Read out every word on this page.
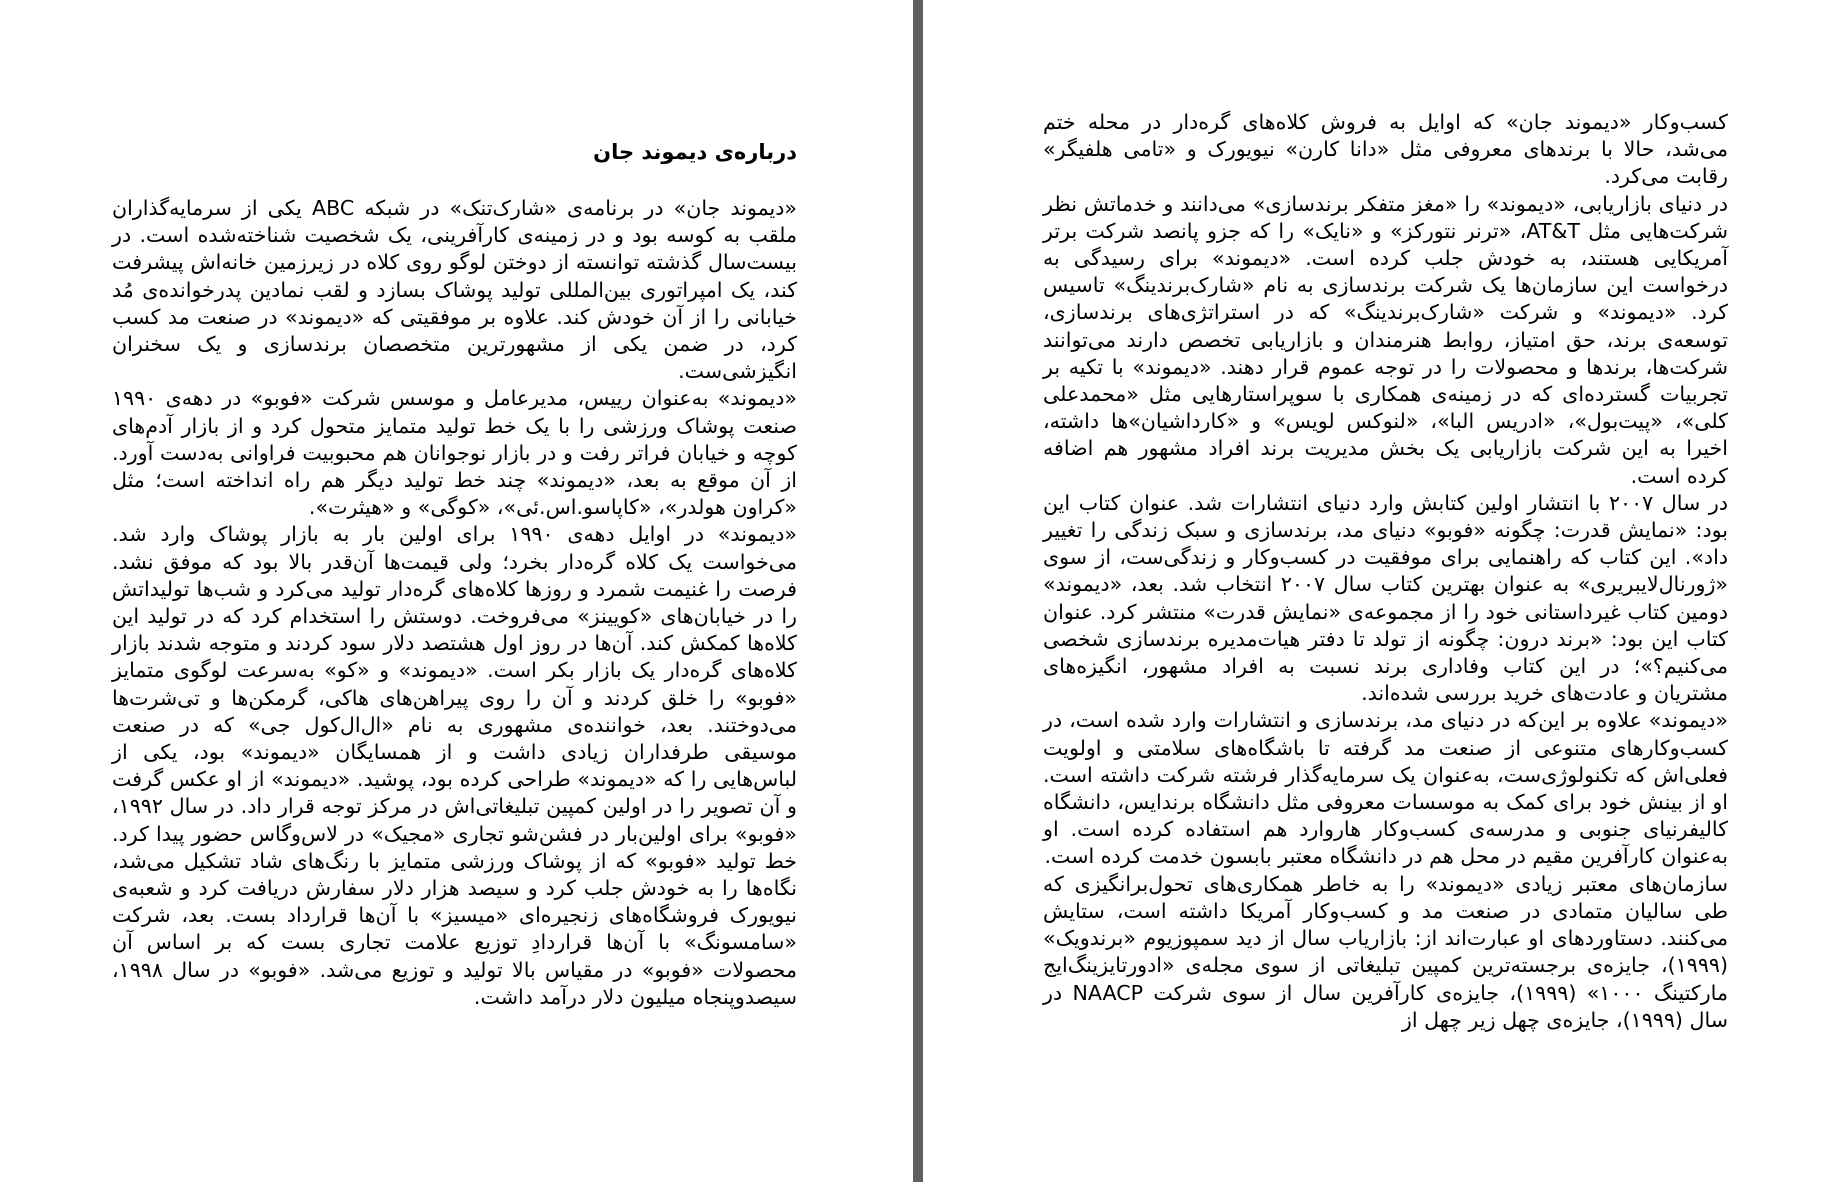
درباره‌ی دیموند جان

«دیموند جان» در برنامه‌ی «شارک‌تنک» در شبکه ABC یکی از سرمایه‌گذاران ملقب به کوسه بود و در زمینه‌ی کارآفرینی، یک شخصیت شناخته‌شده است. در بیست‌سال گذشته توانسته از دوختن لوگو روی کلاه در زیرزمین خانه‌اش پیشرفت کند، یک امپراتوری بین‌المللی تولید پوشاک بسازد و لقب نمادین پدرخوانده‌ی مُد خیابانی را از آن خودش کند. علاوه بر موفقیتی که «دیموند» در صنعت مد کسب کرد، در ضمن یکی از مشهورترین متخصصان برندسازی و یک سخنران انگیزشی‌ست.

«دیموند» به‌عنوان رییس، مدیرعامل و موسس شرکت «فوبو» در دهه‌ی ۱۹۹۰ صنعت پوشاک ورزشی را با یک خط تولید متمایز متحول کرد و از بازار آدم‌های کوچه و خیابان فراتر رفت و در بازار نوجوانان هم محبوبیت فراوانی به‌دست آورد. از آن موقع به بعد، «دیموند» چند خط تولید دیگر هم راه انداخته است؛ مثل «کراون هولدر»، «کاپاسو.اس.ئی»، «کوگی» و «هیثرت».

«دیموند» در اوایل دهه‌ی ۱۹۹۰ برای اولین بار به بازار پوشاک وارد شد. می‌خواست یک کلاه گره‌دار بخرد؛ ولی قیمت‌ها آن‌قدر بالا بود که موفق نشد. فرصت را غنیمت شمرد و روزها کلاه‌های گره‌دار تولید می‌کرد و شب‌ها تولیداتش را در خیابان‌های «کویینز» می‌فروخت. دوستش را استخدام کرد که در تولید این کلاه‌ها کمکش کند. آن‌ها در روز اول هشتصد دلار سود کردند و متوجه شدند بازار کلاه‌های گره‌دار یک بازار بکر است. «دیموند» و «کو» به‌سرعت لوگوی متمایز «فوبو» را خلق کردند و آن را روی پیراهن‌های هاکی، گرمکن‌ها و تی‌شرت‌ها می‌دوختند. بعد، خواننده‌ی مشهوری به نام «ال‌ال‌کول جی» که در صنعت موسیقی طرفداران زیادی داشت و از همسایگان «دیموند» بود، یکی از لباس‌هایی را که «دیموند» طراحی کرده بود، پوشید. «دیموند» از او عکس گرفت و آن تصویر را در اولین کمپین تبلیغاتی‌اش در مرکز توجه قرار داد. در سال ۱۹۹۲، «فوبو» برای اولین‌بار در فشن‌شو تجاری «مجیک» در لاس‌وگاس حضور پیدا کرد. خط تولید «فوبو» که از پوشاک ورزشی متمایز با رنگ‌های شاد تشکیل می‌شد، نگاه‌ها را به خودش جلب کرد و سیصد هزار دلار سفارش دریافت کرد و شعبه‌ی نیویورک فروشگاه‌های زنجیره‌ای «میسیز» با آن‌ها قرارداد بست. بعد، شرکت «سامسونگ» با آن‌ها قراردادِ توزیع علامت تجاری بست که بر اساس آن محصولات «فوبو» در مقیاس بالا تولید و توزیع می‌شد. «فوبو» در سال ۱۹۹۸، سیصدوپنجاه میلیون دلار درآمد داشت.

کسب‌وکار «دیموند جان» که اوایل به فروش کلاه‌های گره‌دار در محله ختم می‌شد، حالا با برندهای معروفی مثل «دانا کارن» نیویورک و «تامی هلفیگر» رقابت می‌کرد.

در دنیای بازاریابی، «دیموند» را «مغز متفکر برندسازی» می‌دانند و خدماتش نظر شرکت‌هایی مثل AT&T، «ترنر نتورکز» و «نایک» را که جزو پانصد شرکت برتر آمریکایی هستند، به خودش جلب کرده است. «دیموند» برای رسیدگی به درخواست این سازمان‌ها یک شرکت برندسازی به نام «شارک‌برندینگ» تاسیس کرد. «دیموند» و شرکت «شارک‌برندینگ» که در استراتژی‌های برندسازی، توسعه‌ی برند، حق امتیاز، روابط هنرمندان و بازاریابی تخصص دارند می‌توانند شرکت‌ها، برندها و محصولات را در توجه عموم قرار دهند. «دیموند» با تکیه بر تجربیات گسترده‌ای که در زمینه‌ی همکاری با سوپراستارهایی مثل «محمدعلی کلی»، «پیت‌بول»، «ادریس البا»، «لنوکس لویس» و «کارداشیان»ها داشته، اخیرا به این شرکت بازاریابی یک بخش مدیریت برند افراد مشهور هم اضافه کرده است.

در سال ۲۰۰۷ با انتشار اولین کتابش وارد دنیای انتشارات شد. عنوان کتاب این بود: «نمایش قدرت: چگونه «فوبو» دنیای مد، برندسازی و سبک زندگی را تغییر داد». این کتاب که راهنمایی برای موفقیت در کسب‌وکار و زندگی‌ست، از سوی «ژورنال‌لایبریری» به عنوان بهترین کتاب سال ۲۰۰۷ انتخاب شد. بعد، «دیموند» دومین کتاب غیرداستانی خود را از مجموعه‌ی «نمایش قدرت» منتشر کرد. عنوان کتاب این بود: «برند درون: چگونه از تولد تا دفتر هیات‌مدیره برندسازی شخصی می‌کنیم؟»؛ در این کتاب وفاداری برند نسبت به افراد مشهور، انگیزه‌های مشتریان و عادت‌های خرید بررسی شده‌اند.

«دیموند» علاوه بر این‌که در دنیای مد، برندسازی و انتشارات وارد شده است، در کسب‌وکارهای متنوعی از صنعت مد گرفته تا باشگاه‌های سلامتی و اولویت فعلی‌اش که تکنولوژی‌ست، به‌عنوان یک سرمایه‌گذار فرشته شرکت داشته است. او از بینش خود برای کمک به موسسات معروفی مثل دانشگاه برندایس، دانشگاه کالیفرنیای جنوبی و مدرسه‌ی کسب‌وکار هاروارد هم استفاده کرده است. او به‌عنوان کارآفرین مقیم در محل هم در دانشگاه معتبر بابسون خدمت کرده است.

سازمان‌های معتبر زیادی «دیموند» را به خاطر همکاری‌های تحول‌برانگیزی که طی سالیان متمادی در صنعت مد و کسب‌وکار آمریکا داشته است، ستایش می‌کنند. دستاوردهای او عبارت‌اند از: بازاریاب سال از دید سمپوزیوم «برندویک» (۱۹۹۹)، جایزه‌ی برجسته‌ترین کمپین تبلیغاتی از سوی مجله‌ی «ادورتایزینگ‌ایج مارکتینگ ۱۰۰۰» (۱۹۹۹)، جایزه‌ی کارآفرین سال از سوی شرکت NAACP در سال (۱۹۹۹)، جایزه‌ی چهل زیر چهل از
